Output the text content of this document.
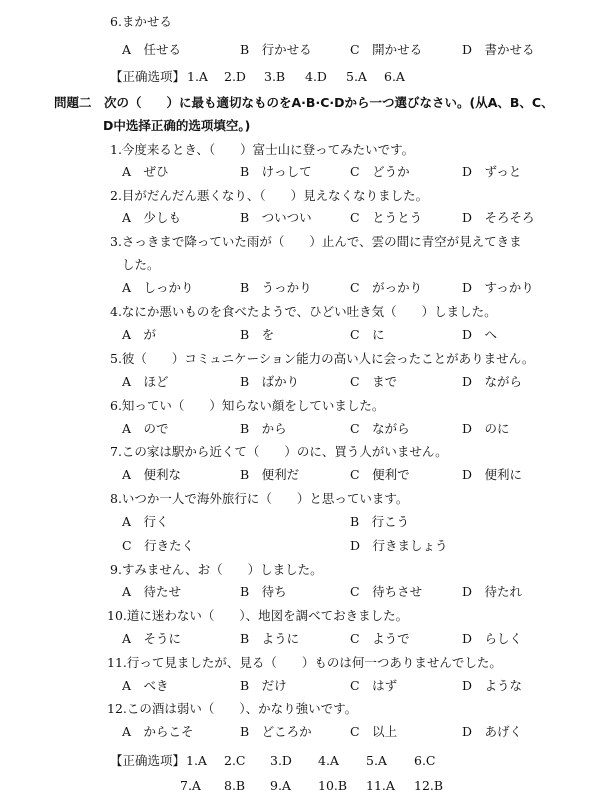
6.まかせる
A　任せる	B　行かせる	C　開かせる	D　書かせる
【正确选项】 1.A 2.D 3.B 4.D 5.A 6.A
問題二　次の（　　）に最も適切なものをA·B·C·Dから一つ選びなさい。(从A、B、C、
D中选择正确的选项填空。)
1.今度来るとき、（　　）富士山に登ってみたいです。
A　ぜひ	B　けっして	C　どうか	D　ずっと
2.目がだんだん悪くなり、（　　）見えなくなりました。
A　少しも	B　ついつい	C　とうとう	D　そろそろ
3.さっきまで降っていた雨が（　　）止んで、雲の間に青空が見えてきま
した。
A　しっかり	B　うっかり	C　がっかり	D　すっかり
4.なにか悪いものを食べたようで、ひどい吐き気（　　）しました。
A　が	B　を	C　に	D　へ
5.彼（　　）コミュニケーション能力の高い人に会ったことがありません。
A　ほど	B　ばかり	C　まで	D　ながら
6.知ってい（　　）知らない顔をしていました。
A　ので	B　から	C　ながら	D　のに
7.この家は駅から近くて（　　）のに、買う人がいません。
A　便利な	B　便利だ	C　便利で	D　便利に
8.いつか一人で海外旅行に（　　）と思っています。
A　行く	B　行こう
C　行きたく	D　行きましょう
9.すみません、お（　　）しました。
A　待たせ	B　待ち	C　待ちさせ	D　待たれ
10.道に迷わない（　　）、地図を調べておきました。
A　そうに	B　ように	C　ようで	D　らしく
11.行って見ましたが、見る（　　）ものは何一つありませんでした。
A　べき	B　だけ	C　はず	D　ような
12.この酒は弱い（　　）、かなり強いです。
A　からこそ	B　どころか	C　以上	D　あげく
【正确选项】 1.A 2.C 3.D 4.A 5.A 6.C
7.A 8.B 9.A 10.B 11.A 12.B
